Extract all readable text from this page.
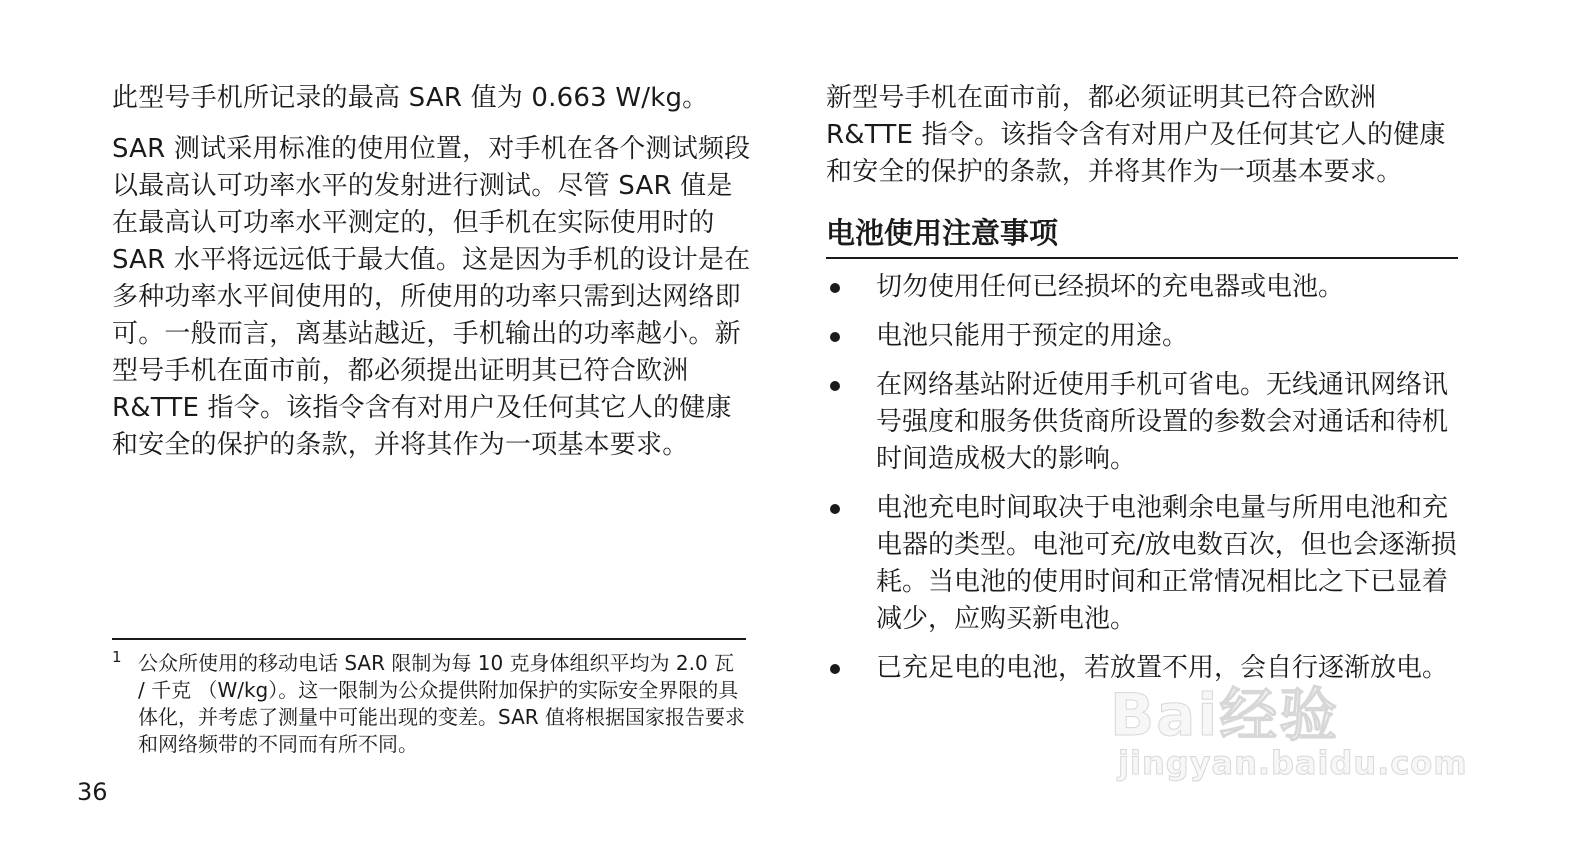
此型号手机所记录的最高 SAR 值为 0.663 W/kg。

SAR 测试采用标准的使用位置，对手机在各个测试频段以最高认可功率水平的发射进行测试。尽管 SAR 值是在最高认可功率水平测定的，但手机在实际使用时的SAR 水平将远远低于最大值。这是因为手机的设计是在多种功率水平间使用的，所使用的功率只需到达网络即可。一般而言，离基站越近，手机输出的功率越小。新型号手机在面市前，都必须提出证明其已符合欧洲 R&TTE 指令。该指令含有对用户及任何其它人的健康和安全的保护的条款，并将其作为一项基本要求。

1 公众所使用的移动电话 SAR 限制为每 10 克身体组织平均为 2.0 瓦 / 千克 （W/kg）。这一限制为公众提供附加保护的实际安全界限的具体化，并考虑了测量中可能出现的变差。SAR 值将根据国家报告要求和网络频带的不同而有所不同。

36

新型号手机在面市前，都必须证明其已符合欧洲 R&TTE 指令。该指令含有对用户及任何其它人的健康和安全的保护的条款，并将其作为一项基本要求。

电池使用注意事项
切勿使用任何已经损坏的充电器或电池。
电池只能用于预定的用途。
在网络基站附近使用手机可省电。无线通讯网络讯号强度和服务供货商所设置的参数会对通话和待机时间造成极大的影响。
电池充电时间取决于电池剩余电量与所用电池和充电器的类型。电池可充/放电数百次，但也会逐渐损耗。当电池的使用时间和正常情况相比之下已显着减少，应购买新电池。
已充足电的电池，若放置不用，会自行逐渐放电。
Bai经验
jingyan.baidu.com
